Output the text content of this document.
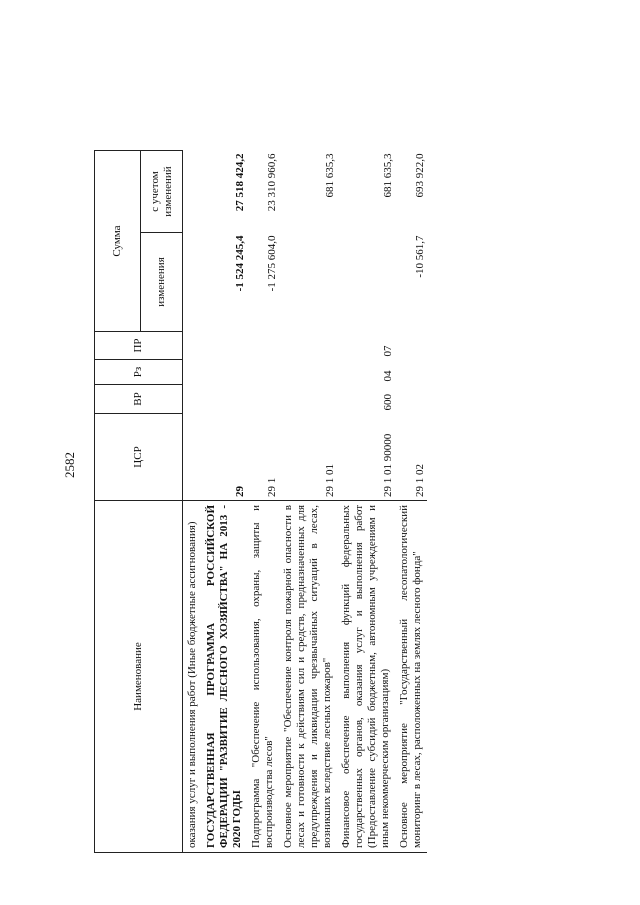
2582
Наименование	ЦСР	ВР	Рз	ПР	Сумма	
					изменения	с учетом изменений
оказания услуг и выполнения работ (Иные бюджетные ассигнования)						
ГОСУДАРСТВЕННАЯ ПРОГРАММА РОССИЙСКОЙ ФЕДЕРАЦИИ "РАЗВИТИЕ ЛЕСНОГО ХОЗЯЙСТВА" НА 2013 - 2020 ГОДЫ	29				-1 524 245,4	27 518 424,2
Подпрограмма "Обеспечение использования, охраны, защиты и воспроизводства лесов"	29 1				-1 275 604,0	23 310 960,6
Основное мероприятие "Обеспечение контроля пожарной опасности в лесах и готовности к действиям сил и средств, предназначенных для предупреждения и ликвидации чрезвычайных ситуаций в лесах, возникших вследствие лесных пожаров"	29 1 01					681 635,3
Финансовое обеспечение выполнения функций федеральных государственных органов, оказания услуг и выполнения работ (Предоставление субсидий бюджетным, автономным учреждениям и иным некоммерческим организациям)	29 1 01 90000	600	04	07		681 635,3
Основное мероприятие "Государственный лесопатологический мониторинг в лесах, расположенных на землях лесного фонда"	29 1 02				-10 561,7	693 922,0
